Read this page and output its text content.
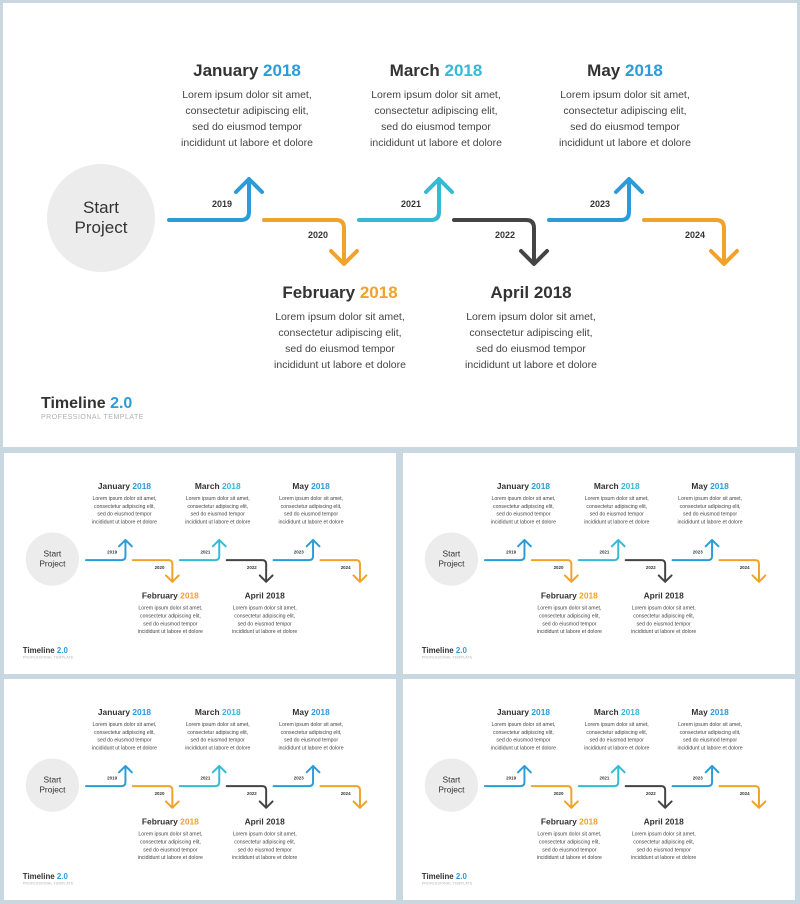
Start
Project
2019
2020
2021
2022
2023
2024
January 2018
Lorem ipsum dolor sit amet,
consectetur adipiscing elit,
sed do eiusmod tempor
incididunt ut labore et dolore
February 2018
Lorem ipsum dolor sit amet,
consectetur adipiscing elit,
sed do eiusmod tempor
incididunt ut labore et dolore
March 2018
Lorem ipsum dolor sit amet,
consectetur adipiscing elit,
sed do eiusmod tempor
incididunt ut labore et dolore
April 2018
Lorem ipsum dolor sit amet,
consectetur adipiscing elit,
sed do eiusmod tempor
incididunt ut labore et dolore
May 2018
Lorem ipsum dolor sit amet,
consectetur adipiscing elit,
sed do eiusmod tempor
incididunt ut labore et dolore
Timeline 2.0
PROFESSIONAL TEMPLATE
Start
Project
2019
2020
2021
2022
2023
2024
January 2018
Lorem ipsum dolor sit amet,
consectetur adipiscing elit,
sed do eiusmod tempor
incididunt ut labore et dolore
February 2018
Lorem ipsum dolor sit amet,
consectetur adipiscing elit,
sed do eiusmod tempor
incididunt ut labore et dolore
March 2018
Lorem ipsum dolor sit amet,
consectetur adipiscing elit,
sed do eiusmod tempor
incididunt ut labore et dolore
April 2018
Lorem ipsum dolor sit amet,
consectetur adipiscing elit,
sed do eiusmod tempor
incididunt ut labore et dolore
May 2018
Lorem ipsum dolor sit amet,
consectetur adipiscing elit,
sed do eiusmod tempor
incididunt ut labore et dolore
Timeline 2.0
PROFESSIONAL TEMPLATE
Start
Project
2019
2020
2021
2022
2023
2024
January 2018
Lorem ipsum dolor sit amet,
consectetur adipiscing elit,
sed do eiusmod tempor
incididunt ut labore et dolore
February 2018
Lorem ipsum dolor sit amet,
consectetur adipiscing elit,
sed do eiusmod tempor
incididunt ut labore et dolore
March 2018
Lorem ipsum dolor sit amet,
consectetur adipiscing elit,
sed do eiusmod tempor
incididunt ut labore et dolore
April 2018
Lorem ipsum dolor sit amet,
consectetur adipiscing elit,
sed do eiusmod tempor
incididunt ut labore et dolore
May 2018
Lorem ipsum dolor sit amet,
consectetur adipiscing elit,
sed do eiusmod tempor
incididunt ut labore et dolore
Timeline 2.0
PROFESSIONAL TEMPLATE
Start
Project
2019
2020
2021
2022
2023
2024
January 2018
Lorem ipsum dolor sit amet,
consectetur adipiscing elit,
sed do eiusmod tempor
incididunt ut labore et dolore
February 2018
Lorem ipsum dolor sit amet,
consectetur adipiscing elit,
sed do eiusmod tempor
incididunt ut labore et dolore
March 2018
Lorem ipsum dolor sit amet,
consectetur adipiscing elit,
sed do eiusmod tempor
incididunt ut labore et dolore
April 2018
Lorem ipsum dolor sit amet,
consectetur adipiscing elit,
sed do eiusmod tempor
incididunt ut labore et dolore
May 2018
Lorem ipsum dolor sit amet,
consectetur adipiscing elit,
sed do eiusmod tempor
incididunt ut labore et dolore
Timeline 2.0
PROFESSIONAL TEMPLATE
Start
Project
2019
2020
2021
2022
2023
2024
January 2018
Lorem ipsum dolor sit amet,
consectetur adipiscing elit,
sed do eiusmod tempor
incididunt ut labore et dolore
February 2018
Lorem ipsum dolor sit amet,
consectetur adipiscing elit,
sed do eiusmod tempor
incididunt ut labore et dolore
March 2018
Lorem ipsum dolor sit amet,
consectetur adipiscing elit,
sed do eiusmod tempor
incididunt ut labore et dolore
April 2018
Lorem ipsum dolor sit amet,
consectetur adipiscing elit,
sed do eiusmod tempor
incididunt ut labore et dolore
May 2018
Lorem ipsum dolor sit amet,
consectetur adipiscing elit,
sed do eiusmod tempor
incididunt ut labore et dolore
Timeline 2.0
PROFESSIONAL TEMPLATE
